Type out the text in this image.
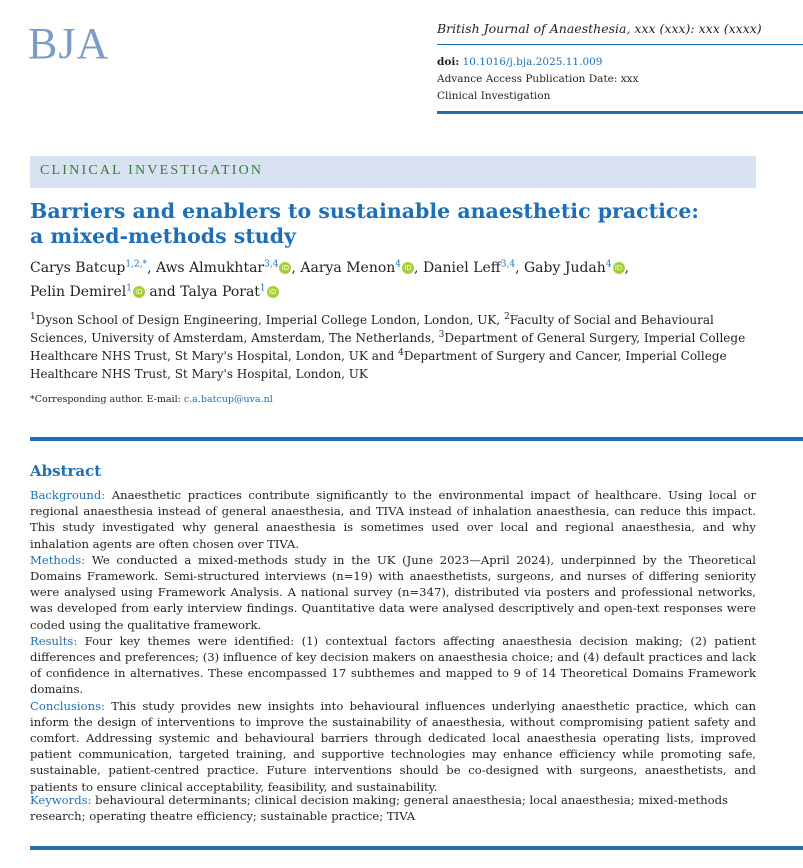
BJA	British Journal of Anaesthesia, xxx (xxx): xxx (xxxx)
doi: 10.1016/j.bja.2025.11.009
Advance Access Publication Date: xxx
Clinical Investigation
CLINICAL INVESTIGATION
Barriers and enablers to sustainable anaesthetic practice:
a mixed-methods study
Carys Batcup$^{1,2,*}$, Aws Almukhtar$^{3,4}$ iD , Aarya Menon$^4$ iD , Daniel Leff$^{3,4}$, Gaby Judah$^4$ iD ,
Pelin Demirel$^1$ iD and Talya Porat$^1$ iD
$^1$Dyson School of Design Engineering, Imperial College London, London, UK, $^2$Faculty of Social and Behavioural Sciences, University of Amsterdam, Amsterdam, The Netherlands, $^3$Department of General Surgery, Imperial College Healthcare NHS Trust, St Mary's Hospital, London, UK and $^4$Department of Surgery and Cancer, Imperial College Healthcare NHS Trust, St Mary's Hospital, London, UK
*Corresponding author. E-mail: c.a.batcup@uva.nl
Abstract

Background: Anaesthetic practices contribute significantly to the environmental impact of healthcare. Using local or regional anaesthesia instead of general anaesthesia, and TIVA instead of inhalation anaesthesia, can reduce this impact. This study investigated why general anaesthesia is sometimes used over local and regional anaesthesia, and why inhalation agents are often chosen over TIVA.

Methods: We conducted a mixed-methods study in the UK (June 2023—April 2024), underpinned by the Theoretical Domains Framework. Semi-structured interviews (n=19) with anaesthetists, surgeons, and nurses of differing seniority were analysed using Framework Analysis. A national survey (n=347), distributed via posters and professional networks, was developed from early interview findings. Quantitative data were analysed descriptively and open-text responses were coded using the qualitative framework.

Results: Four key themes were identified: (1) contextual factors affecting anaesthesia decision making; (2) patient differences and preferences; (3) influence of key decision makers on anaesthesia choice; and (4) default practices and lack of confidence in alternatives. These encompassed 17 subthemes and mapped to 9 of 14 Theoretical Domains Framework domains.

Conclusions: This study provides new insights into behavioural influences underlying anaesthetic practice, which can inform the design of interventions to improve the sustainability of anaesthesia, without compromising patient safety and comfort. Addressing systemic and behavioural barriers through dedicated local anaesthesia operating lists, improved patient communication, targeted training, and supportive technologies may enhance efficiency while promoting safe, sustainable, patient-centred practice. Future interventions should be co-designed with surgeons, anaesthetists, and patients to ensure clinical acceptability, feasibility, and sustainability.

Keywords: behavioural determinants; clinical decision making; general anaesthesia; local anaesthesia; mixed-methods research; operating theatre efficiency; sustainable practice; TIVA
